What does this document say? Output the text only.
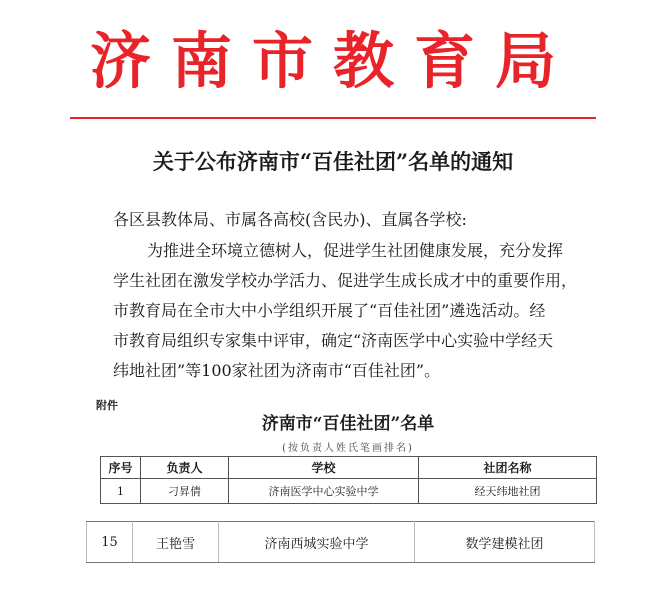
济南市教育局
关于公布济南市“百佳社团”名单的通知
各区县教体局、市属各高校(含民办)、直属各学校:
为推进全环境立德树人，促进学生社团健康发展，充分发挥
学生社团在激发学校办学活力、促进学生成长成才中的重要作用，
市教育局在全市大中小学组织开展了“百佳社团”遴选活动。经
市教育局组织专家集中评审，确定“济南医学中心实验中学经天
纬地社团”等100家社团为济南市“百佳社团”。
附件
济南市“百佳社团”名单
(按负责人姓氏笔画排名)
序号	负责人	学校	社团名称
1	刁昇倩	济南医学中心实验中学	经天纬地社团
15	王艳雪	济南西城实验中学	数学建模社团
